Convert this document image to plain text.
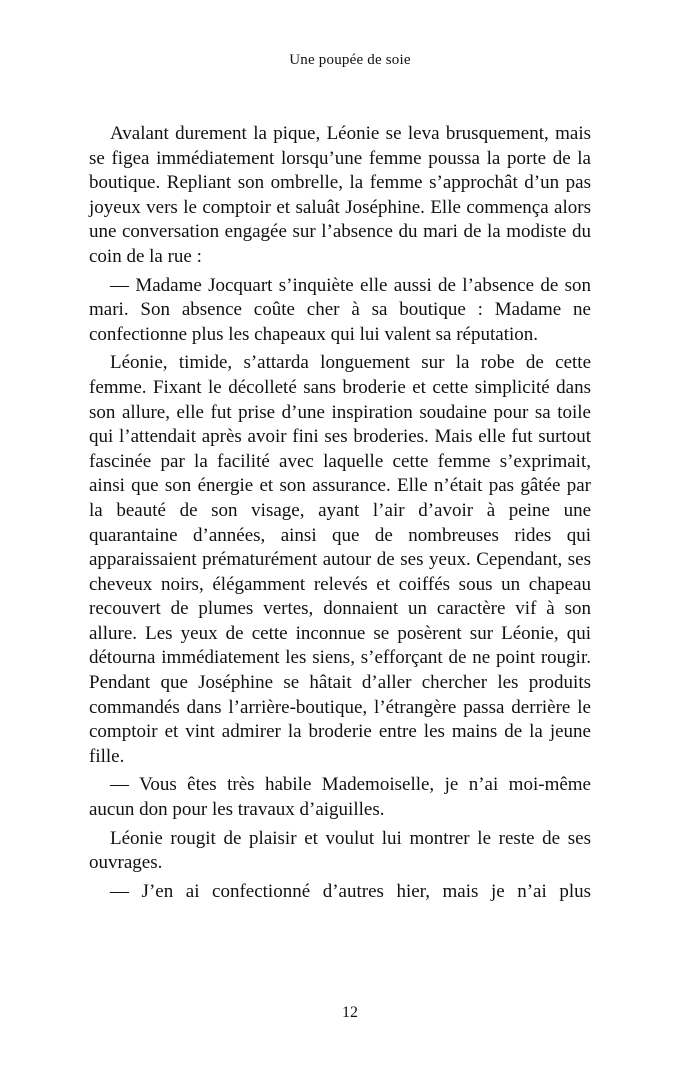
Une poupée de soie

Avalant durement la pique, Léonie se leva brusquement, mais se figea immédiatement lorsqu’une femme poussa la porte de la boutique. Repliant son ombrelle, la femme s’approchât d’un pas joyeux vers le comptoir et saluât Joséphine. Elle commença alors une conversation engagée sur l’absence du mari de la modiste du coin de la rue :

— Madame Jocquart s’inquiète elle aussi de l’absence de son mari. Son absence coûte cher à sa boutique : Madame ne confectionne plus les chapeaux qui lui valent sa réputation.

Léonie, timide, s’attarda longuement sur la robe de cette femme. Fixant le décolleté sans broderie et cette simplicité dans son allure, elle fut prise d’une inspiration soudaine pour sa toile qui l’attendait après avoir fini ses broderies. Mais elle fut surtout fascinée par la facilité avec laquelle cette femme s’exprimait, ainsi que son énergie et son assurance. Elle n’était pas gâtée par la beauté de son visage, ayant l’air d’avoir à peine une quarantaine d’années, ainsi que de nombreuses rides qui apparaissaient prématurément autour de ses yeux. Cependant, ses cheveux noirs, élégamment relevés et coiffés sous un chapeau recouvert de plumes vertes, donnaient un caractère vif à son allure. Les yeux de cette inconnue se posèrent sur Léonie, qui détourna immédiatement les siens, s’efforçant de ne point rougir. Pendant que Joséphine se hâtait d’aller chercher les produits commandés dans l’arrière-boutique, l’étrangère passa derrière le comptoir et vint admirer la broderie entre les mains de la jeune fille.

— Vous êtes très habile Mademoiselle, je n’ai moi-même aucun don pour les travaux d’aiguilles.

Léonie rougit de plaisir et voulut lui montrer le reste de ses ouvrages.

— J’en ai confectionné d’autres hier, mais je n’ai plus

12
